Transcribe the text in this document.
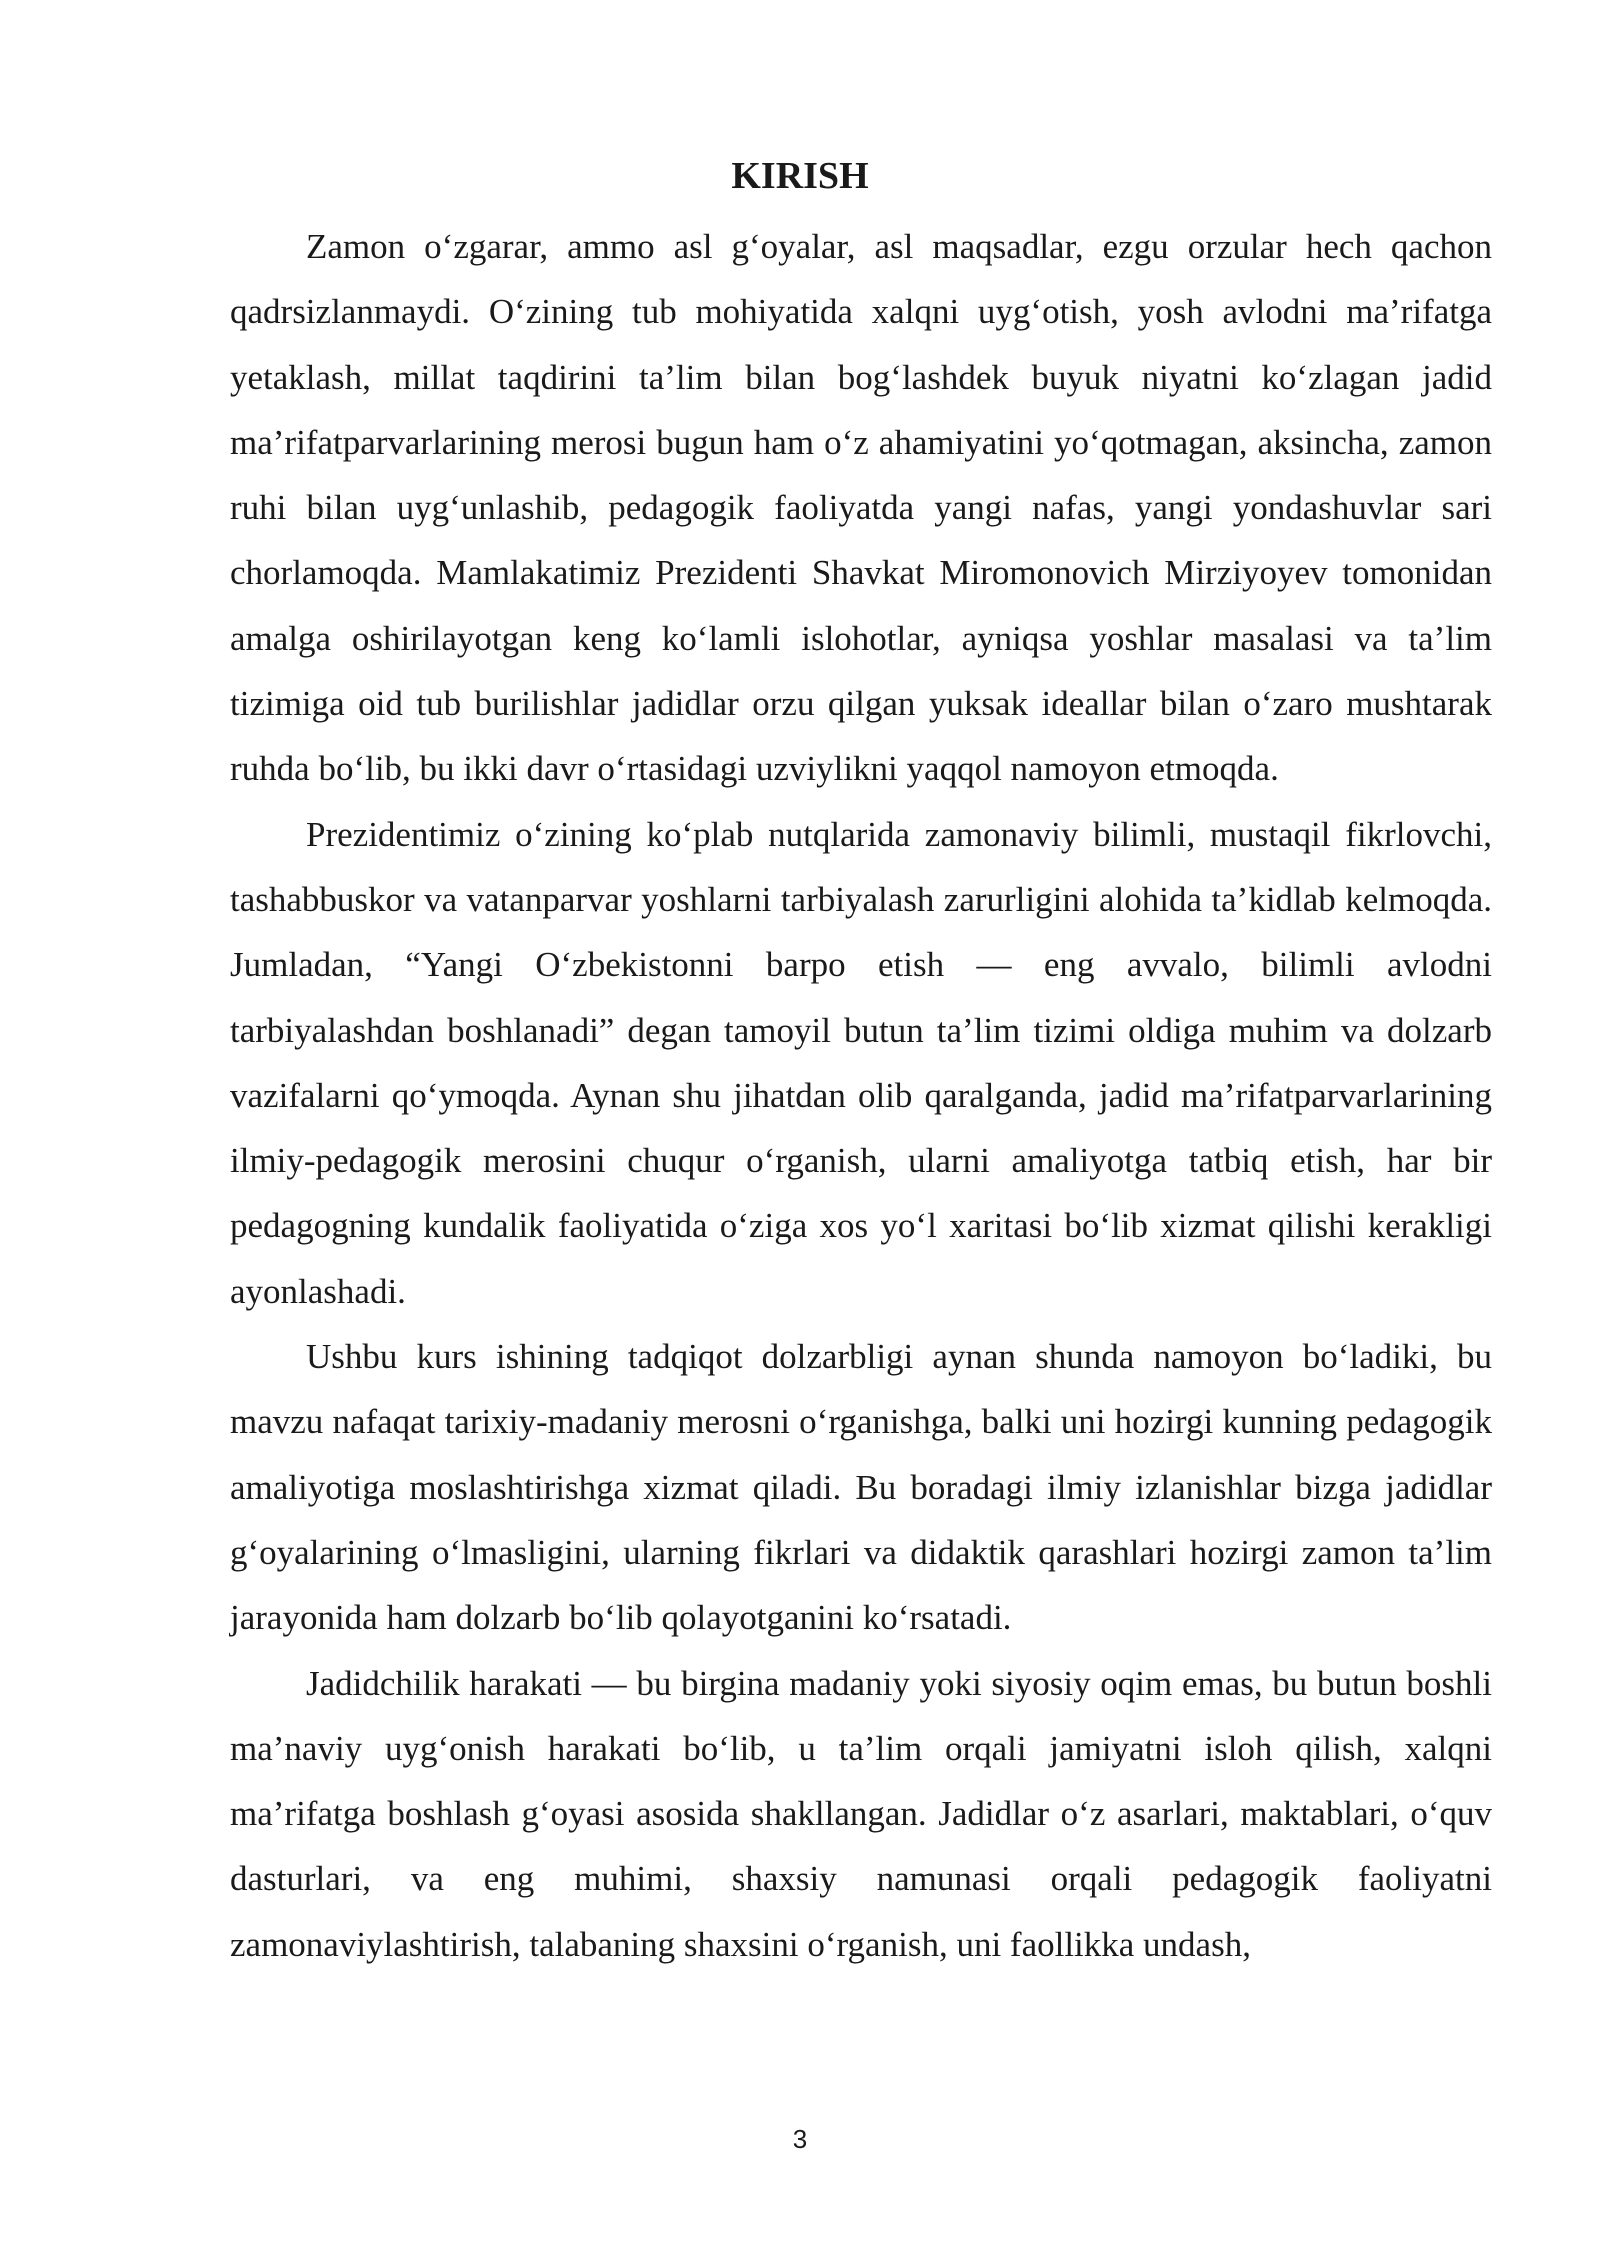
KIRISH

Zamon o‘zgarar, ammo asl g‘oyalar, asl maqsadlar, ezgu orzular hech qachon qadrsizlanmaydi. O‘zining tub mohiyatida xalqni uyg‘otish, yosh avlodni ma’rifatga yetaklash, millat taqdirini ta’lim bilan bog‘lashdek buyuk niyatni ko‘zlagan jadid ma’rifatparvarlarining merosi bugun ham o‘z ahamiyatini yo‘qotmagan, aksincha, zamon ruhi bilan uyg‘unlashib, pedagogik faoliyatda yangi nafas, yangi yondashuvlar sari chorlamoqda. Mamlakatimiz Prezidenti Shavkat Miromonovich Mirziyoyev tomonidan amalga oshirilayotgan keng ko‘lamli islohotlar, ayniqsa yoshlar masalasi va ta’lim tizimiga oid tub burilishlar jadidlar orzu qilgan yuksak ideallar bilan o‘zaro mushtarak ruhda bo‘lib, bu ikki davr o‘rtasidagi uzviylikni yaqqol namoyon etmoqda.

Prezidentimiz o‘zining ko‘plab nutqlarida zamonaviy bilimli, mustaqil fikrlovchi, tashabbuskor va vatanparvar yoshlarni tarbiyalash zarurligini alohida ta’kidlab kelmoqda. Jumladan, “Yangi O‘zbekistonni barpo etish — eng avvalo, bilimli avlodni tarbiyalashdan boshlanadi” degan tamoyil butun ta’lim tizimi oldiga muhim va dolzarb vazifalarni qo‘ymoqda. Aynan shu jihatdan olib qaralganda, jadid ma’rifatparvarlarining ilmiy-pedagogik merosini chuqur o‘rganish, ularni amaliyotga tatbiq etish, har bir pedagogning kundalik faoliyatida o‘ziga xos yo‘l xaritasi bo‘lib xizmat qilishi kerakligi ayonlashadi.

Ushbu kurs ishining tadqiqot dolzarbligi aynan shunda namoyon bo‘ladiki, bu mavzu nafaqat tarixiy-madaniy merosni o‘rganishga, balki uni hozirgi kunning pedagogik amaliyotiga moslashtirishga xizmat qiladi. Bu boradagi ilmiy izlanishlar bizga jadidlar g‘oyalarining o‘lmasligini, ularning fikrlari va didaktik qarashlari hozirgi zamon ta’lim jarayonida ham dolzarb bo‘lib qolayotganini ko‘rsatadi.

Jadidchilik harakati — bu birgina madaniy yoki siyosiy oqim emas, bu butun boshli ma’naviy uyg‘onish harakati bo‘lib, u ta’lim orqali jamiyatni isloh qilish, xalqni ma’rifatga boshlash g‘oyasi asosida shakllangan. Jadidlar o‘z asarlari, maktablari, o‘quv dasturlari, va eng muhimi, shaxsiy namunasi orqali pedagogik faoliyatni zamonaviylashtirish, talabaning shaxsini o‘rganish, uni faollikka undash,

3
